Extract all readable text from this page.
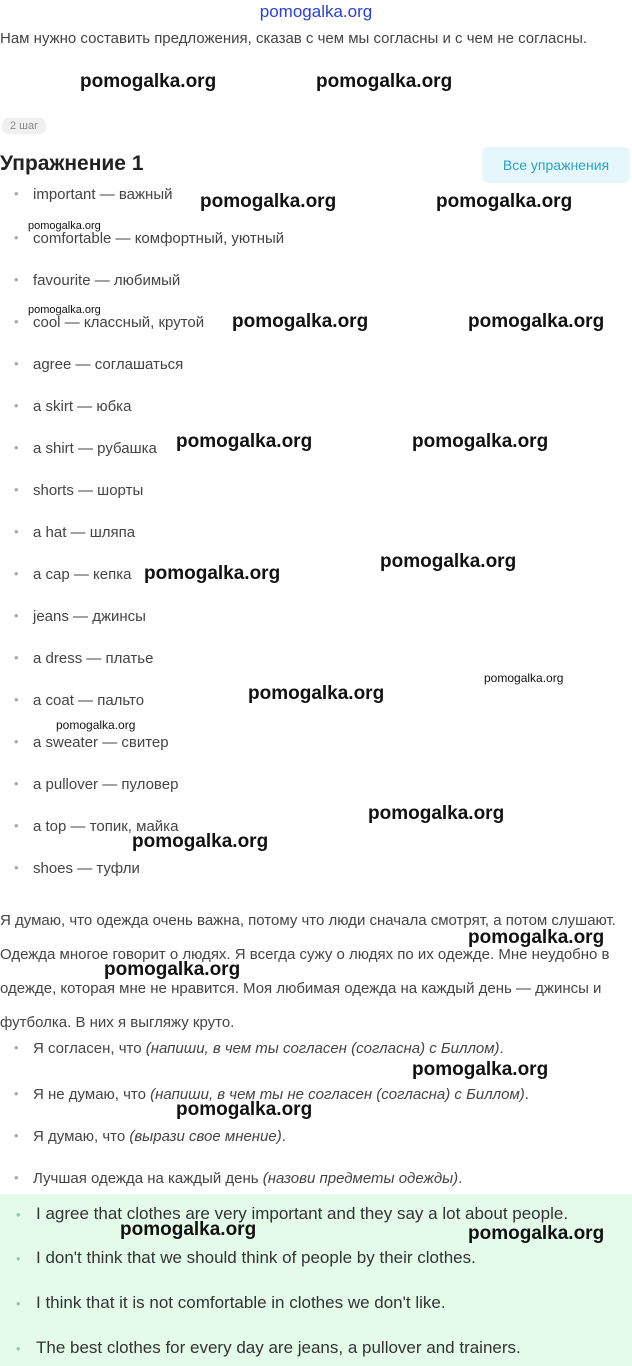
pomogalka.org
Нам нужно составить предложения, сказав с чем мы согласны и с чем не согласны.
2 шаг
Упражнение 1	Все упражнения
important — важный
comfortable — комфортный, уютный
favourite — любимый
cool — классный, крутой
agree — соглашаться
a skirt — юбка
a shirt — рубашка
shorts — шорты
a hat — шляпа
a cap — кепка
jeans — джинсы
a dress — платье
a coat — пальто
a sweater — свитер
a pullover — пуловер
a top — топик, майка
shoes — туфли
Я думаю, что одежда очень важна, потому что люди сначала смотрят, а потом слушают. Одежда многое говорит о людях. Я всегда сужу о людях по их одежде. Мне неудобно в одежде, которая мне не нравится. Моя любимая одежда на каждый день — джинсы и футболка. В них я выгляжу круто.
Я согласен, что (напиши, в чем ты согласен (согласна) с Биллом).
Я не думаю, что (напиши, в чем ты не согласен (согласна) с Биллом).
Я думаю, что (вырази свое мнение).
Лучшая одежда на каждый день (назови предметы одежды).
I agree that clothes are very important and they say a lot about people.
I don't think that we should think of people by their clothes.
I think that it is not comfortable in clothes we don't like.
The best clothes for every day are jeans, a pullover and trainers.
pomogalka.org	pomogalka.org
pomogalka.org	pomogalka.org
pomogalka.org
pomogalka.org
pomogalka.org	pomogalka.org
pomogalka.org	pomogalka.org
pomogalka.org
pomogalka.org
pomogalka.org
pomogalka.org
pomogalka.org
pomogalka.org
pomogalka.org
pomogalka.org
pomogalka.org
pomogalka.org
pomogalka.org
pomogalka.org	pomogalka.org
